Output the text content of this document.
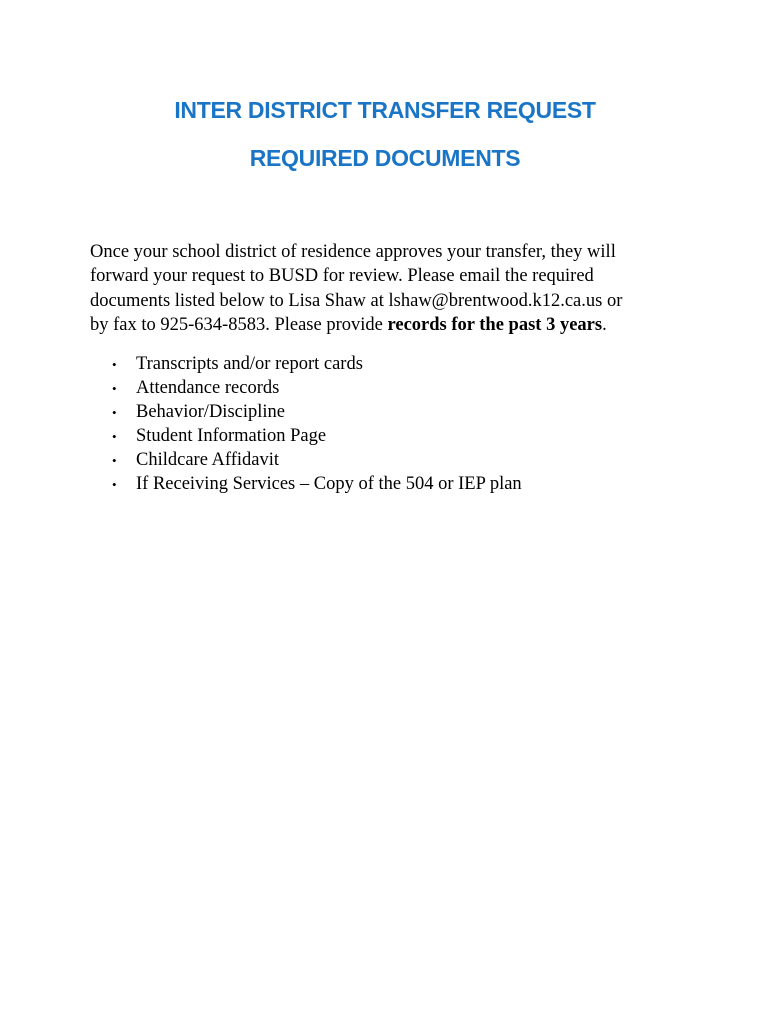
INTER DISTRICT TRANSFER REQUEST
REQUIRED DOCUMENTS

Once your school district of residence approves your transfer, they will
forward your request to BUSD for review. Please email the required
documents listed below to Lisa Shaw at lshaw@brentwood.k12.ca.us or
by fax to 925-634-8583. Please provide records for the past 3 years.

• Transcripts and/or report cards
• Attendance records
• Behavior/Discipline
• Student Information Page
• Childcare Affidavit
• If Receiving Services – Copy of the 504 or IEP plan
